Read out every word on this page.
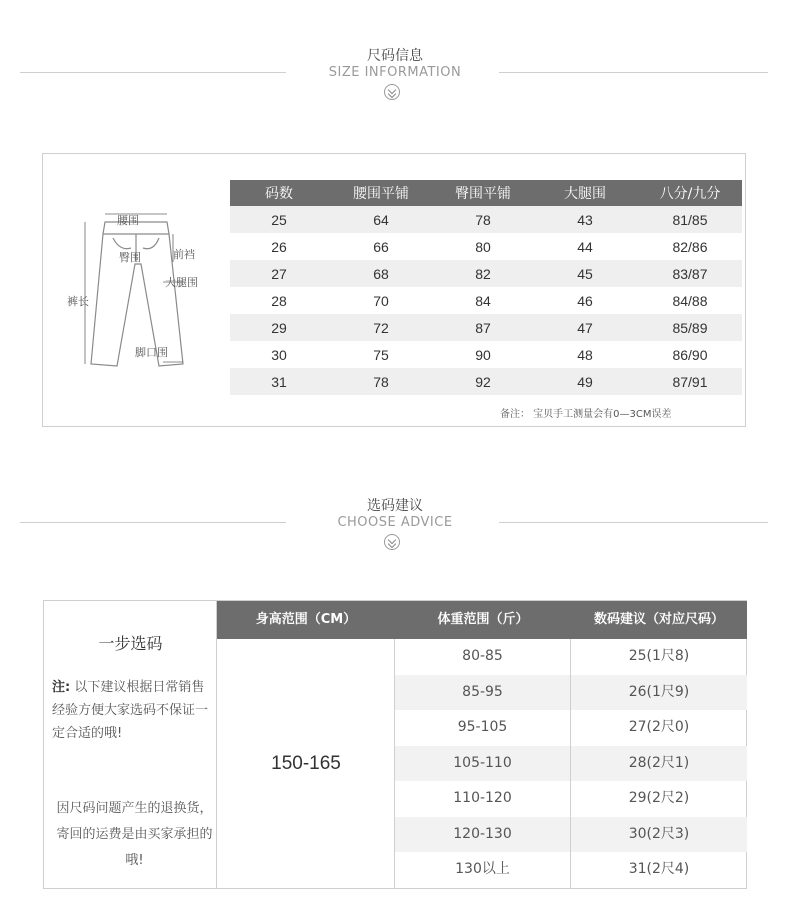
尺码信息
SIZE INFORMATION
腰围
臀围	前裆
大腿围
裤长
脚口围
码数	腰围平铺	臀围平铺	大腿围	八分/九分
25	64	78	43	81/85
26	66	80	44	82/86
27	68	82	45	83/87
28	70	84	46	84/88
29	72	87	47	85/89
30	75	90	48	86/90
31	78	92	49	87/91
备注： 宝贝手工测量会有0—3CM误差
选码建议
CHOOSE ADVICE
一步选码
注: 以下建议根据日常销售经验方便大家选码不保证一定合适的哦!
因尺码问题产生的退换货，寄回的运费是由买家承担的哦!
身高范围（CM）	体重范围（斤）	数码建议（对应尺码）
150-165
80-85	25(1尺8)
85-95	26(1尺9)
95-105	27(2尺0)
105-110	28(2尺1)
110-120	29(2尺2)
120-130	30(2尺3)
130以上	31(2尺4)
